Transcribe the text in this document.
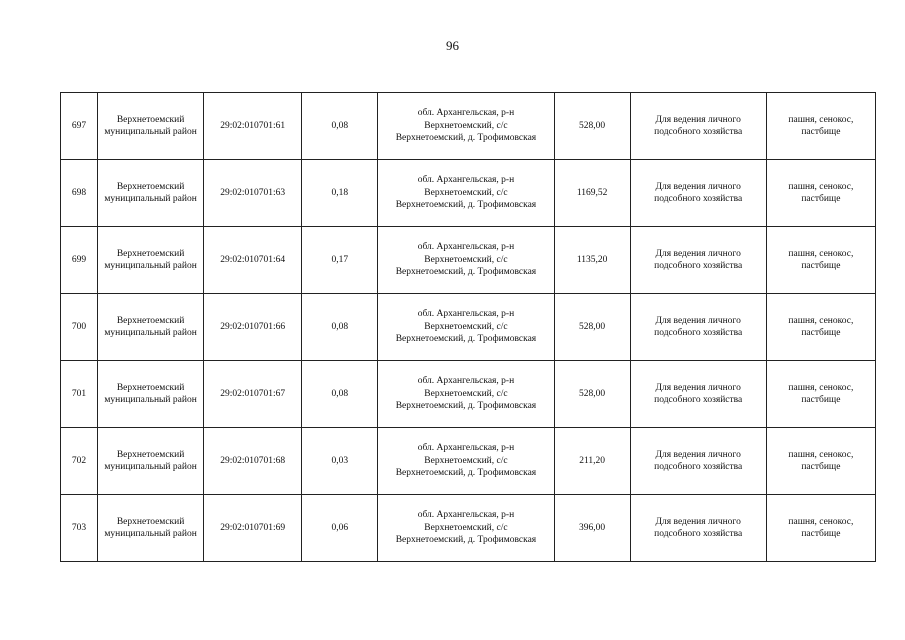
96
697	Верхнетоемский муниципальный район	29:02:010701:61	0,08	обл. Архангельская, р-н
Верхнетоемский, с/с
Верхнетоемский, д. Трофимовская	528,00	Для ведения личного подсобного хозяйства	пашня, сенокос, пастбище
698	Верхнетоемский муниципальный район	29:02:010701:63	0,18	обл. Архангельская, р-н
Верхнетоемский, с/с
Верхнетоемский, д. Трофимовская	1169,52	Для ведения личного подсобного хозяйства	пашня, сенокос, пастбище
699	Верхнетоемский муниципальный район	29:02:010701:64	0,17	обл. Архангельская, р-н
Верхнетоемский, с/с
Верхнетоемский, д. Трофимовская	1135,20	Для ведения личного подсобного хозяйства	пашня, сенокос, пастбище
700	Верхнетоемский муниципальный район	29:02:010701:66	0,08	обл. Архангельская, р-н
Верхнетоемский, с/с
Верхнетоемский, д. Трофимовская	528,00	Для ведения личного подсобного хозяйства	пашня, сенокос, пастбище
701	Верхнетоемский муниципальный район	29:02:010701:67	0,08	обл. Архангельская, р-н
Верхнетоемский, с/с
Верхнетоемский, д. Трофимовская	528,00	Для ведения личного подсобного хозяйства	пашня, сенокос, пастбище
702	Верхнетоемский муниципальный район	29:02:010701:68	0,03	обл. Архангельская, р-н
Верхнетоемский, с/с
Верхнетоемский, д. Трофимовская	211,20	Для ведения личного подсобного хозяйства	пашня, сенокос, пастбище
703	Верхнетоемский муниципальный район	29:02:010701:69	0,06	обл. Архангельская, р-н
Верхнетоемский, с/с
Верхнетоемский, д. Трофимовская	396,00	Для ведения личного подсобного хозяйства	пашня, сенокос, пастбище
